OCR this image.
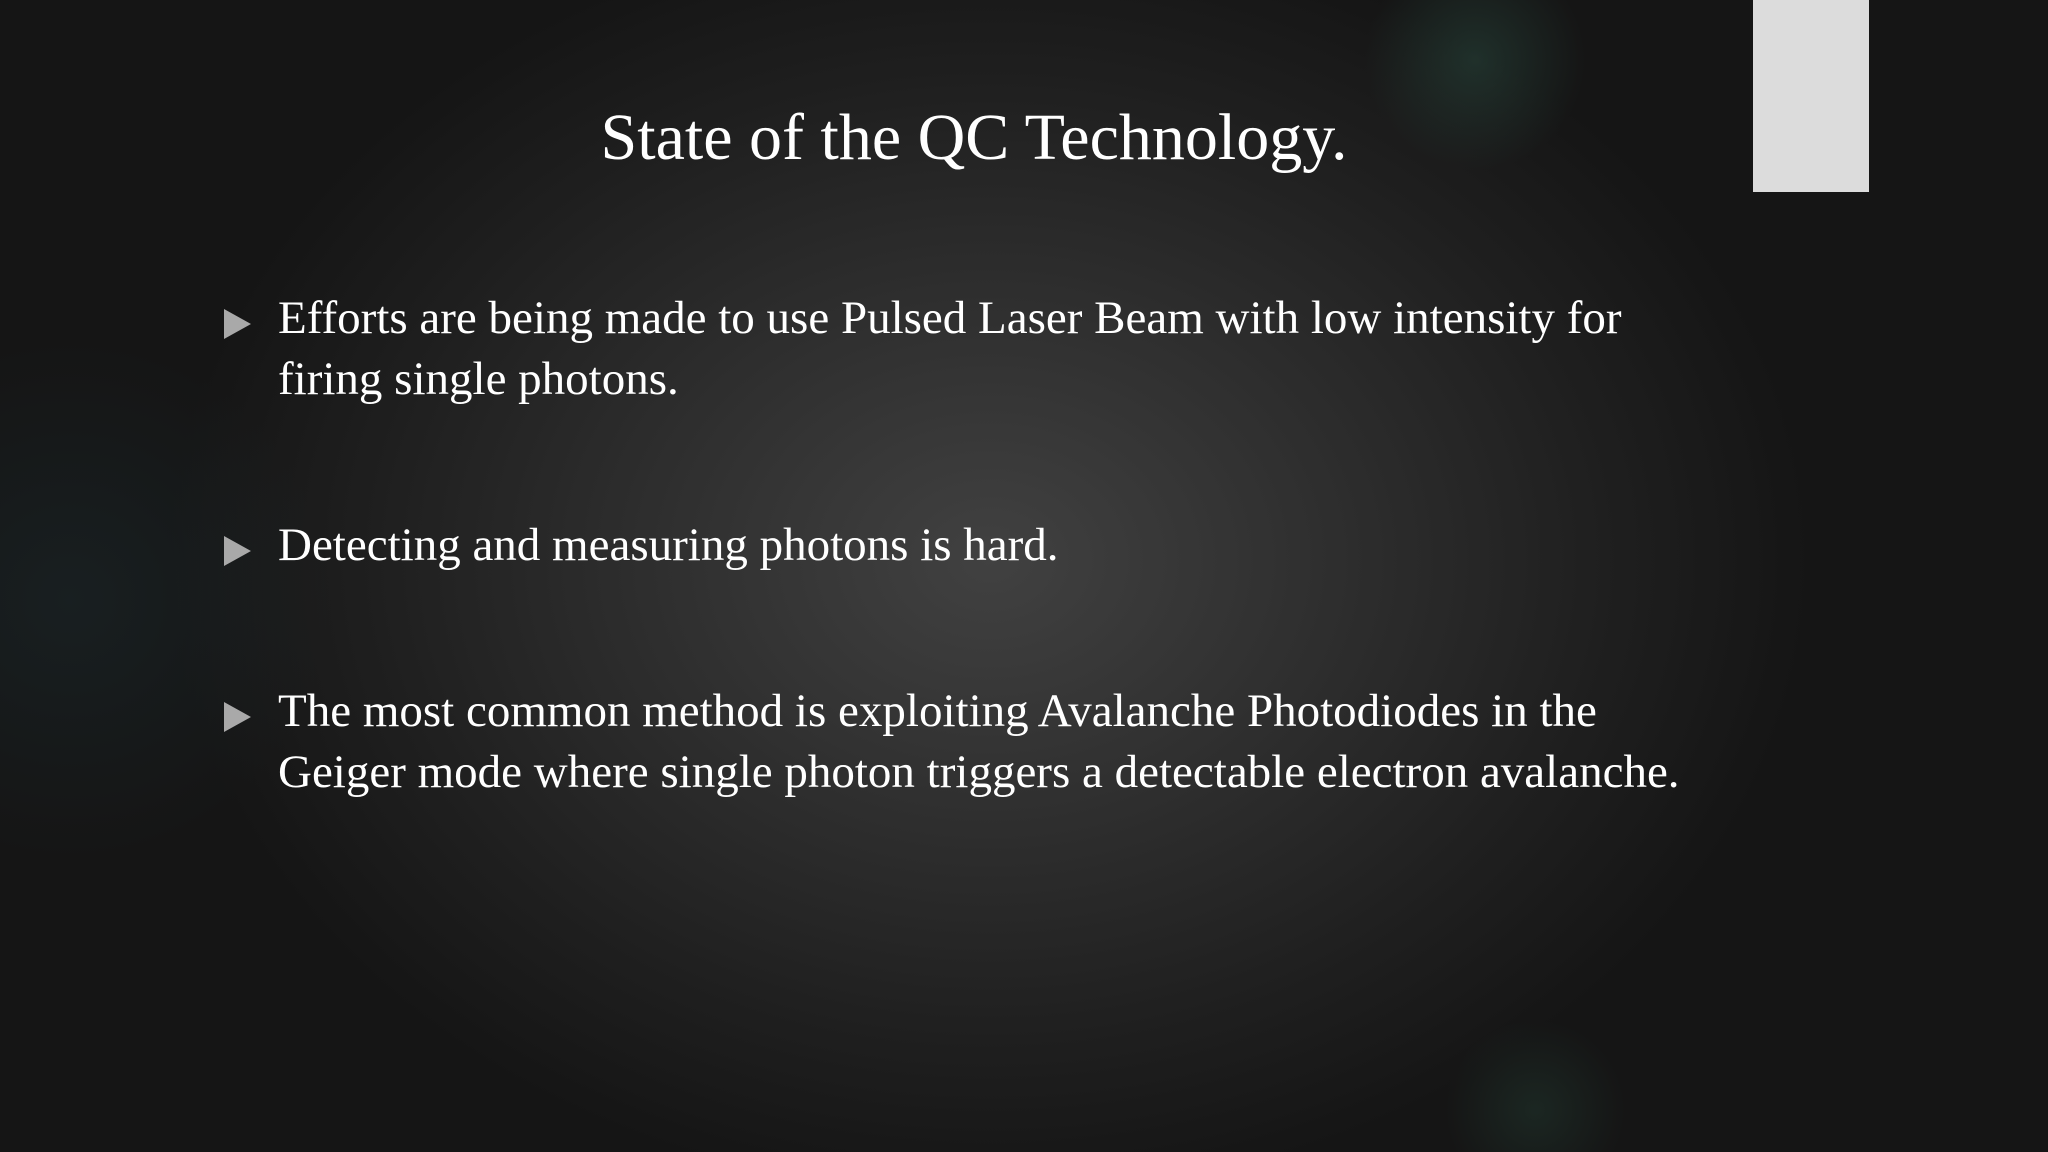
State of the QC Technology.
Efforts are being made to use Pulsed Laser Beam with low intensity for firing single photons.
Detecting and measuring photons is hard.
The most common method is exploiting Avalanche Photodiodes in the Geiger mode where single photon triggers a detectable electron avalanche.
